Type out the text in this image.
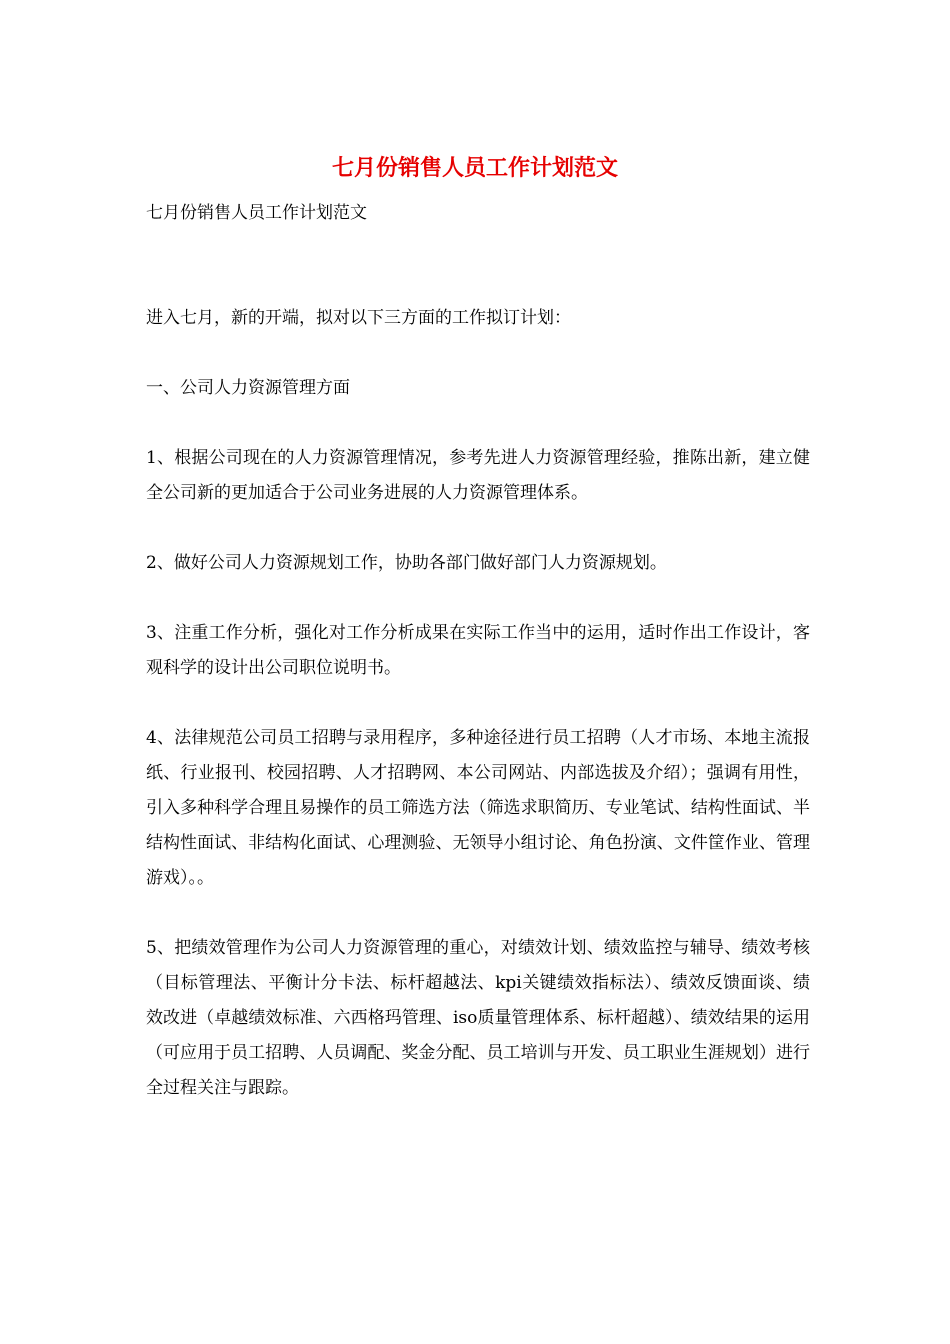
七月份销售人员工作计划范文

七月份销售人员工作计划范文

进入七月，新的开端，拟对以下三方面的工作拟订计划：

一、公司人力资源管理方面

1、根据公司现在的人力资源管理情况，参考先进人力资源管理经验，推陈出新，建立健全公司新的更加适合于公司业务进展的人力资源管理体系。

2、做好公司人力资源规划工作，协助各部门做好部门人力资源规划。

3、注重工作分析，强化对工作分析成果在实际工作当中的运用，适时作出工作设计，客观科学的设计出公司职位说明书。

4、法律规范公司员工招聘与录用程序，多种途径进行员工招聘（人才市场、本地主流报纸、行业报刊、校园招聘、人才招聘网、本公司网站、内部选拔及介绍）；强调有用性，引入多种科学合理且易操作的员工筛选方法（筛选求职简历、专业笔试、结构性面试、半结构性面试、非结构化面试、心理测验、无领导小组讨论、角色扮演、文件筐作业、管理游戏）。。

5、把绩效管理作为公司人力资源管理的重心，对绩效计划、绩效监控与辅导、绩效考核（目标管理法、平衡计分卡法、标杆超越法、kpi关键绩效指标法）、绩效反馈面谈、绩效改进（卓越绩效标准、六西格玛管理、iso质量管理体系、标杆超越）、绩效结果的运用（可应用于员工招聘、人员调配、奖金分配、员工培训与开发、员工职业生涯规划）进行全过程关注与跟踪。
